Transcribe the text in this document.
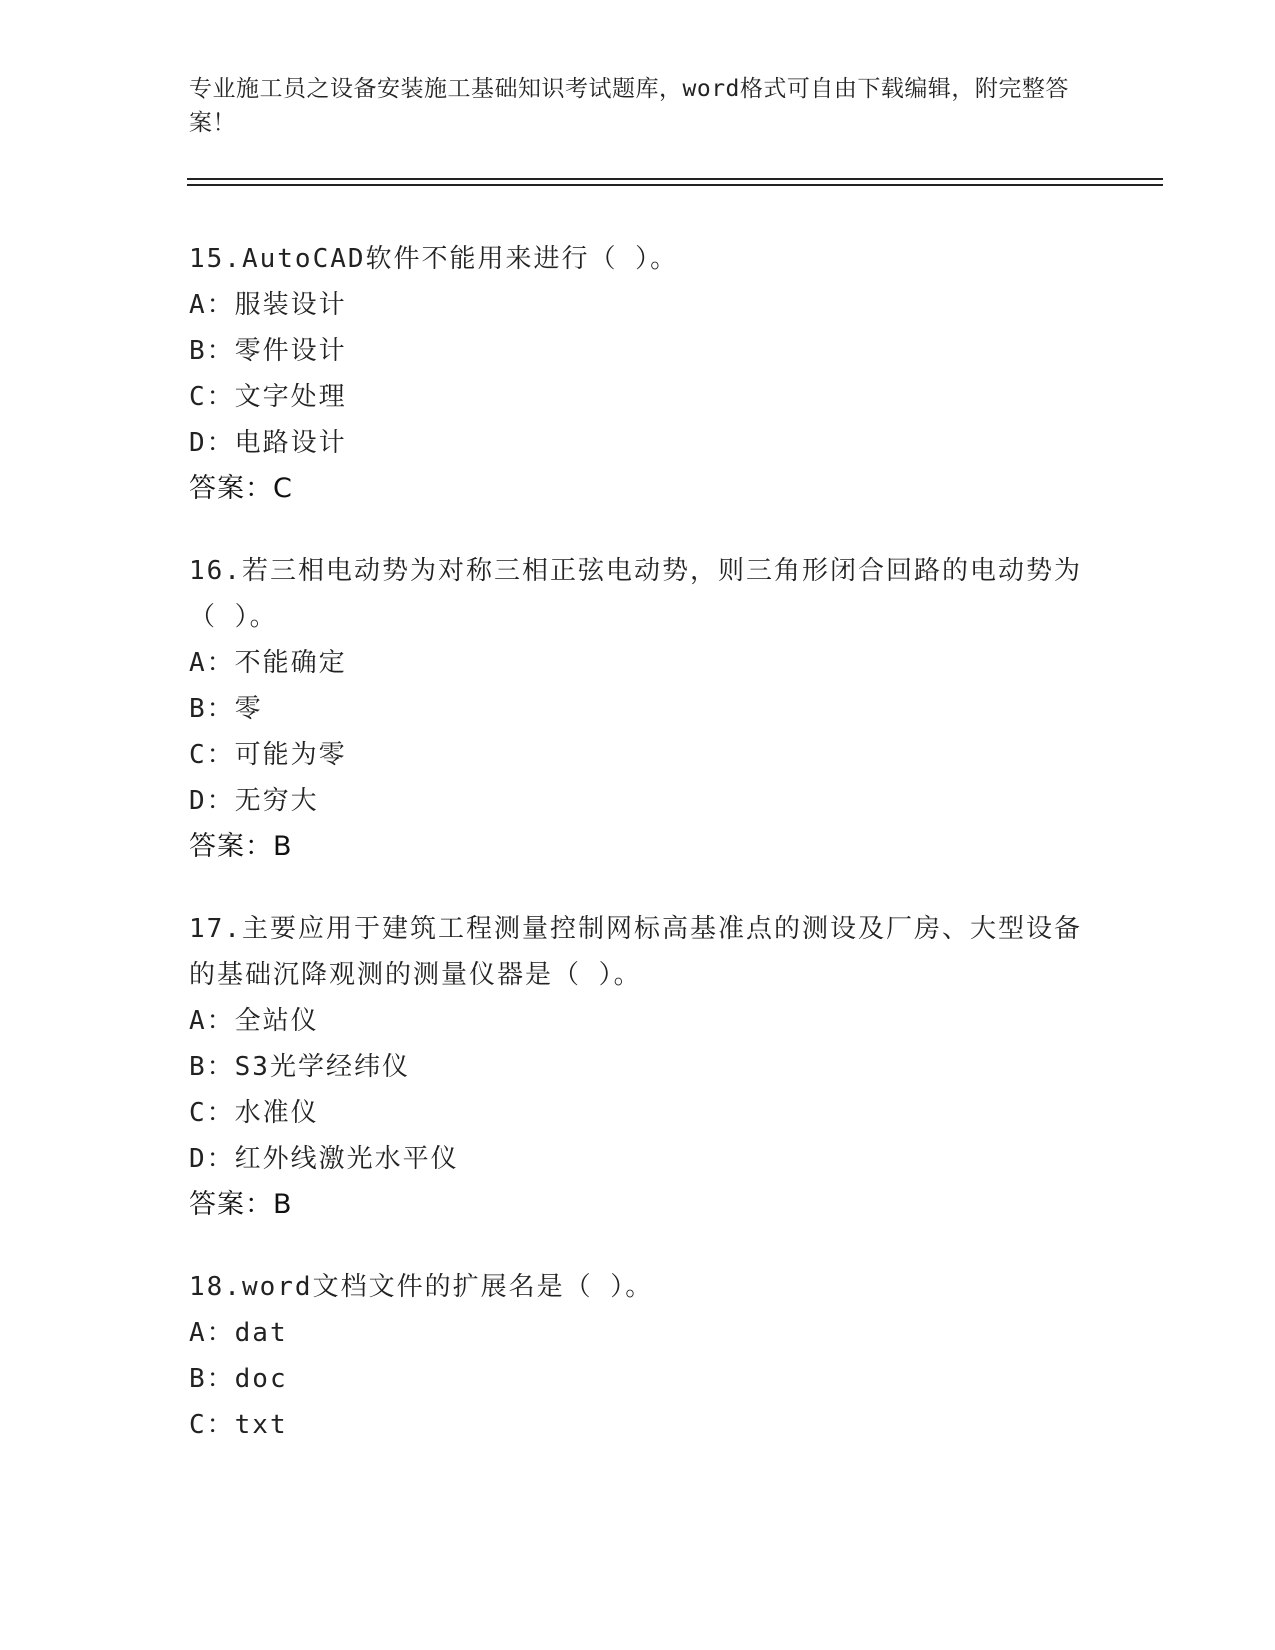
专业施工员之设备安装施工基础知识考试题库，word格式可自由下载编辑，附完整答案！
15.AutoCAD软件不能用来进行（ ）。
A：服装设计
B：零件设计
C：文字处理
D：电路设计
答案：C
16.若三相电动势为对称三相正弦电动势，则三角形闭合回路的电动势为（ ）。
A：不能确定
B：零
C：可能为零
D：无穷大
答案：B
17.主要应用于建筑工程测量控制网标高基准点的测设及厂房、大型设备的基础沉降观测的测量仪器是（ ）。
A：全站仪
B：S3光学经纬仪
C：水准仪
D：红外线激光水平仪
答案：B
18.word文档文件的扩展名是（ ）。
A：dat
B：doc
C：txt
